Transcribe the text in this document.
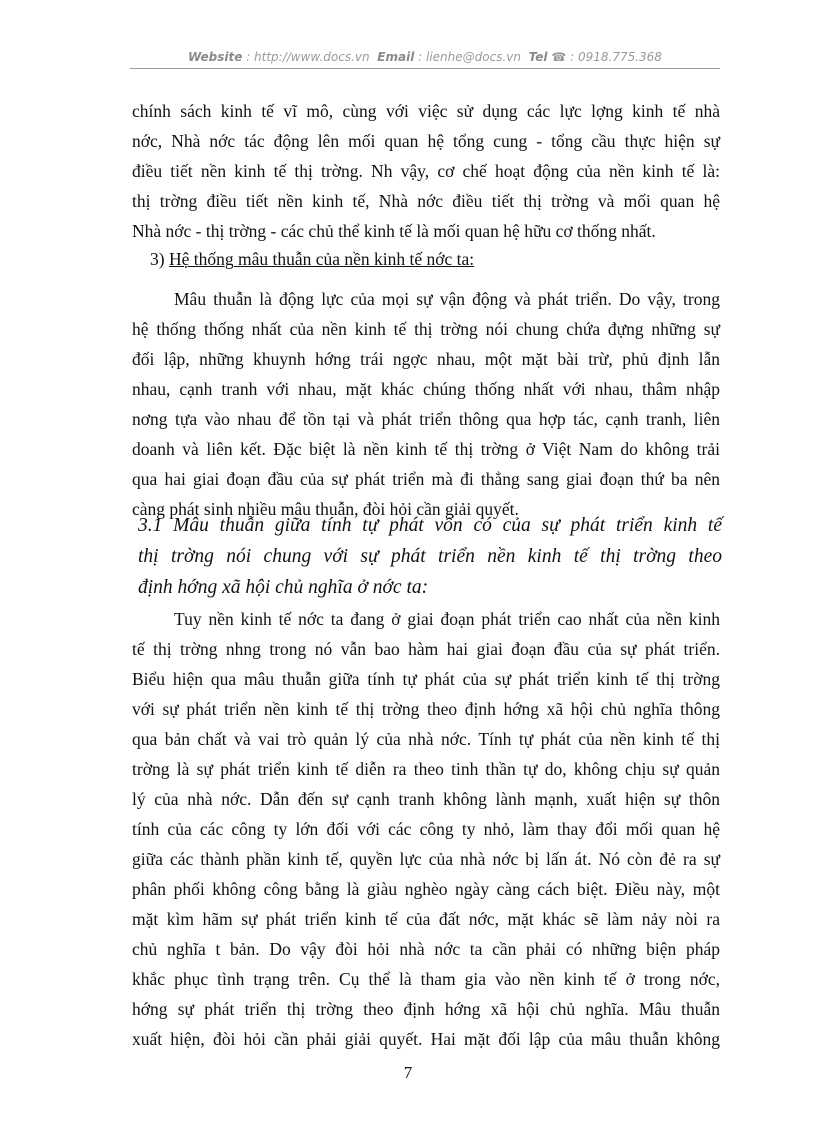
Website : http://www.docs.vn Email : lienhe@docs.vn Tel ☎ : 0918.775.368

chính sách kinh tế vĩ mô, cùng với việc sử dụng các lực lợng kinh tế nhà
nớc, Nhà nớc tác động lên mối quan hệ tổng cung - tổng cầu thực hiện sự
điều tiết nền kinh tế thị trờng. Nh vậy, cơ chế hoạt động của nền kinh tế là:
thị trờng điều tiết nền kinh tế, Nhà nớc điều tiết thị trờng và mối quan hệ
Nhà nớc - thị trờng - các chủ thể kinh tế là mối quan hệ hữu cơ thống nhất.

3) Hệ thống mâu thuẫn của nền kinh tế nớc ta:

Mâu thuẫn là động lực của mọi sự vận động và phát triển. Do vậy, trong
hệ thống thống nhất của nền kinh tế thị trờng nói chung chứa đựng những sự
đối lập, những khuynh hớng trái ngợc nhau, một mặt bài trừ, phủ định lẫn
nhau, cạnh tranh với nhau, mặt khác chúng thống nhất với nhau, thâm nhập
nơng tựa vào nhau để tồn tại và phát triển thông qua hợp tác, cạnh tranh, liên
doanh và liên kết. Đặc biệt là nền kinh tế thị trờng ở Việt Nam do không trải
qua hai giai đoạn đầu của sự phát triển mà đi thẳng sang giai đoạn thứ ba nên
càng phát sinh nhiều mâu thuẫn, đòi hỏi cần giải quyết.

3.1 Mâu thuẫn giữa tính tự phát vốn có của sự phát triển kinh tế
thị trờng nói chung với sự phát triển nền kinh tế thị trờng theo
định hớng xã hội chủ nghĩa ở nớc ta:

Tuy nền kinh tế nớc ta đang ở giai đoạn phát triển cao nhất của nền kinh
tế thị trờng nhng trong nó vẫn bao hàm hai giai đoạn đầu của sự phát triển.
Biểu hiện qua mâu thuẫn giữa tính tự phát của sự phát triển kinh tế thị trờng
với sự phát triển nền kinh tế thị trờng theo định hớng xã hội chủ nghĩa thông
qua bản chất và vai trò quản lý của nhà nớc. Tính tự phát của nền kinh tế thị
trờng là sự phát triển kinh tế diễn ra theo tinh thần tự do, không chịu sự quản
lý của nhà nớc. Dẫn đến sự cạnh tranh không lành mạnh, xuất hiện sự thôn
tính của các công ty lớn đối với các công ty nhỏ, làm thay đổi mối quan hệ
giữa các thành phần kinh tế, quyền lực của nhà nớc bị lấn át. Nó còn đẻ ra sự
phân phối không công bằng là giàu nghèo ngày càng cách biệt. Điều này, một
mặt kìm hãm sự phát triển kinh tế của đất nớc, mặt khác sẽ làm nảy nòi ra
chủ nghĩa t bản. Do vậy đòi hỏi nhà nớc ta cần phải có những biện pháp
khắc phục tình trạng trên. Cụ thể là tham gia vào nền kinh tế ở trong nớc,
hớng sự phát triển thị trờng theo định hớng xã hội chủ nghĩa. Mâu thuẫn
xuất hiện, đòi hỏi cần phải giải quyết. Hai mặt đối lập của mâu thuẫn không

7
